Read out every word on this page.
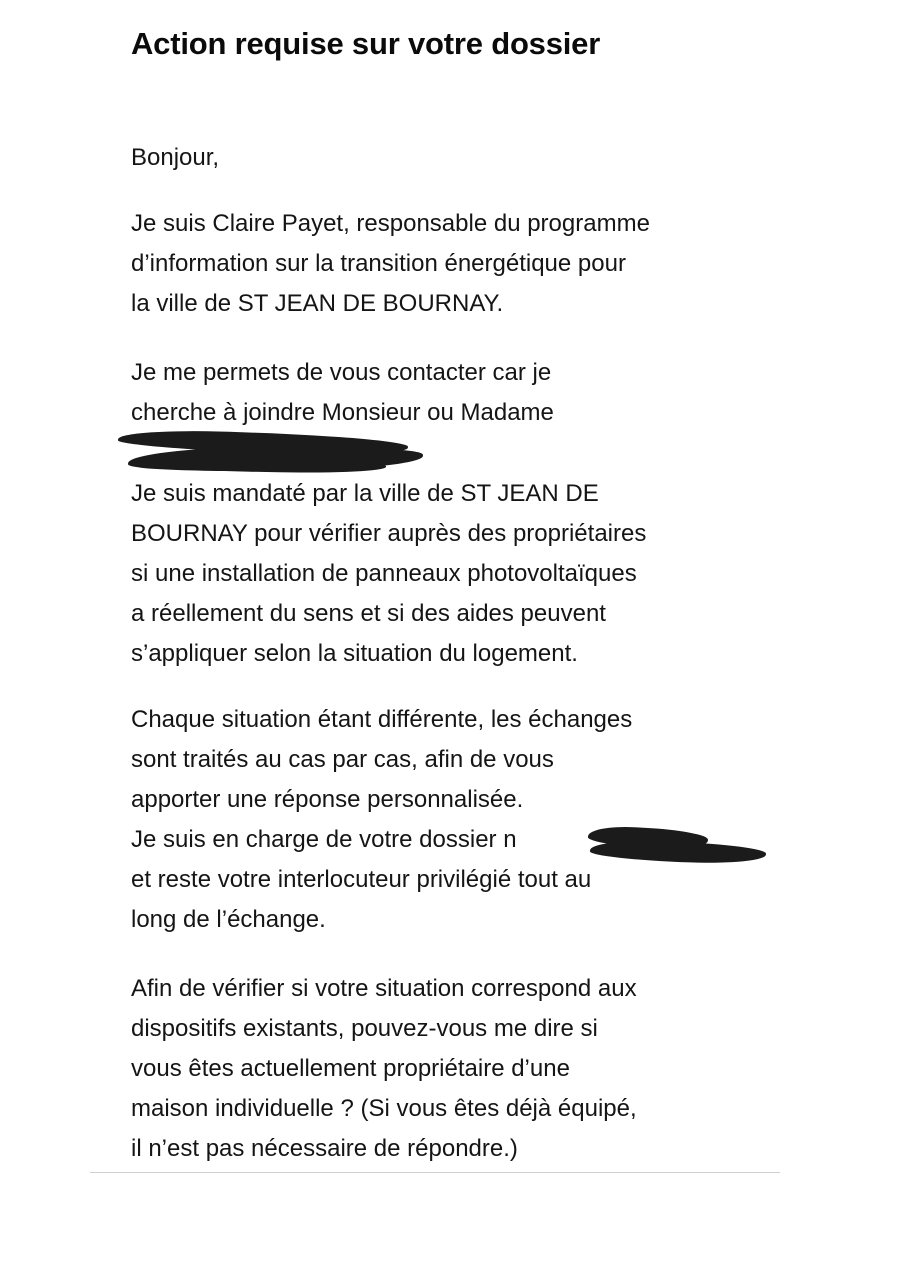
Action requise sur votre dossier
Bonjour,
Je suis Claire Payet, responsable du programme
d’information sur la transition énergétique pour
la ville de ST JEAN DE BOURNAY.
Je me permets de vous contacter car je
cherche à joindre Monsieur ou Madame
Je suis mandaté par la ville de ST JEAN DE
BOURNAY pour vérifier auprès des propriétaires
si une installation de panneaux photovoltaïques
a réellement du sens et si des aides peuvent
s’appliquer selon la situation du logement.
Chaque situation étant différente, les échanges
sont traités au cas par cas, afin de vous
apporter une réponse personnalisée.
Je suis en charge de votre dossier n
et reste votre interlocuteur privilégié tout au
long de l’échange.
Afin de vérifier si votre situation correspond aux
dispositifs existants, pouvez-vous me dire si
vous êtes actuellement propriétaire d’une
maison individuelle ? (Si vous êtes déjà équipé,
il n’est pas nécessaire de répondre.)
